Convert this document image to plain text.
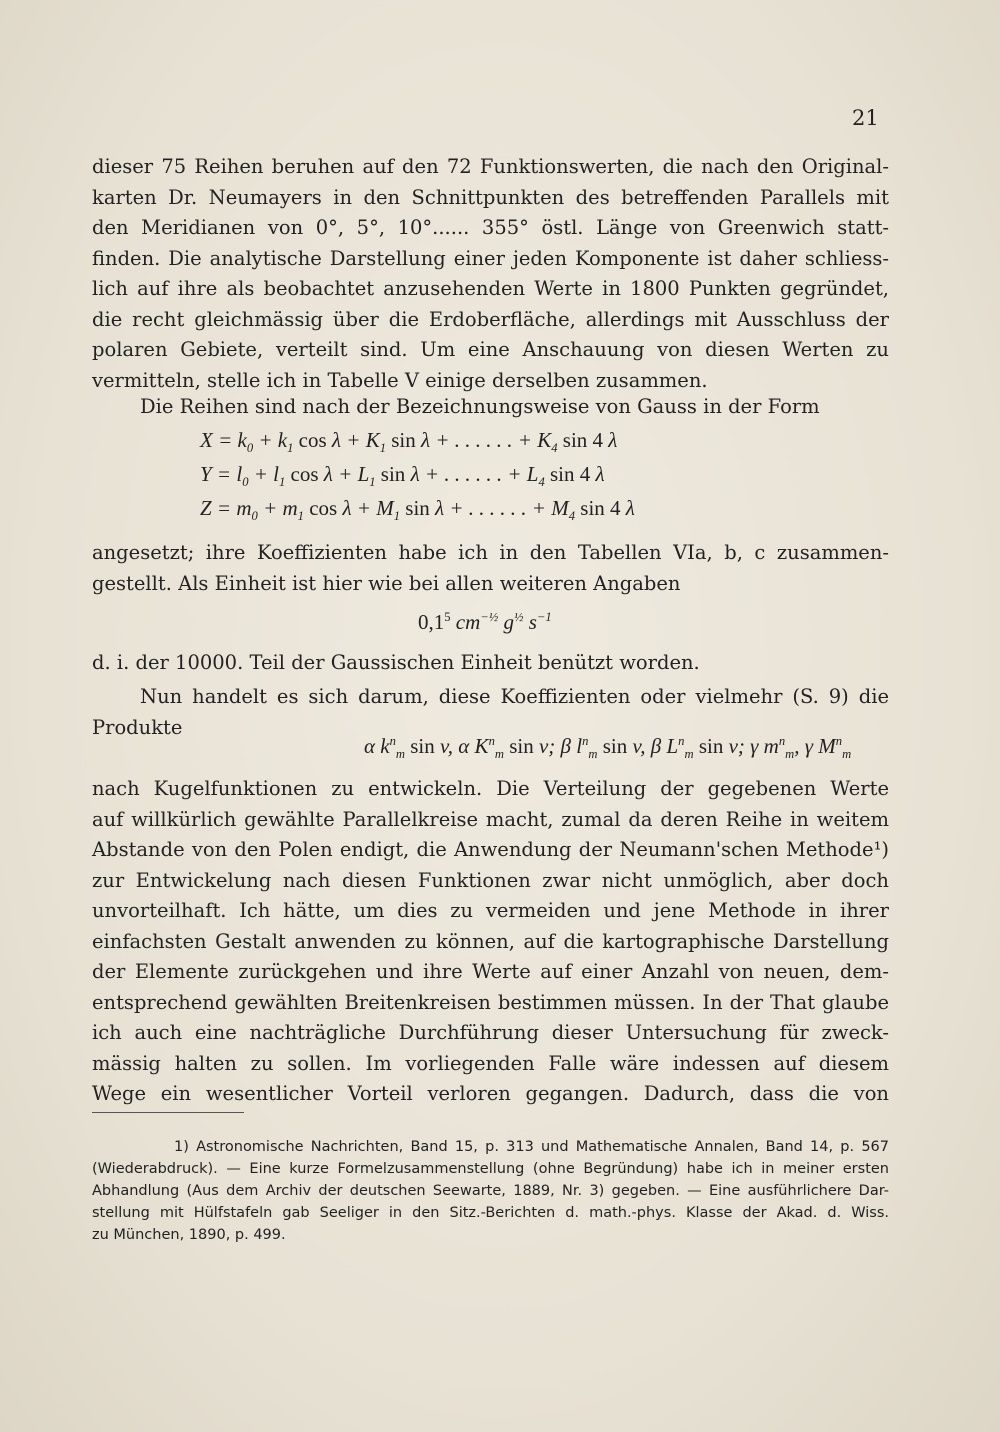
21
dieser 75 Reihen beruhen auf den 72 Funktionswerten, die nach den Original-
karten Dr. Neumayers in den Schnittpunkten des betreffenden Parallels mit
den Meridianen von 0°, 5°, 10°...... 355° östl. Länge von Greenwich statt-
finden. Die analytische Darstellung einer jeden Komponente ist daher schliess-
lich auf ihre als beobachtet anzusehenden Werte in 1800 Punkten gegründet,
die recht gleichmässig über die Erdoberfläche, allerdings mit Ausschluss der
polaren Gebiete, verteilt sind. Um eine Anschauung von diesen Werten zu
vermitteln, stelle ich in Tabelle V einige derselben zusammen.
Die Reihen sind nach der Bezeichnungsweise von Gauss in der Form
$X = k_0 + k_1$ $\cos \lambda + K_1$ sin λ + . . . . . . + $K_4$ sin 4 λ
$Y = l_0 + l_1$ $\cos \lambda + L_1$ sin λ + . . . . . . + $L_4$ sin 4 λ
$Z = m_0 + m_1$ $\cos \lambda + M_1$ sin λ + . . . . . . + $M_4$ sin 4 λ
angesetzt; ihre Koeffizienten habe ich in den Tabellen VIa, b, c zusammen-
gestellt. Als Einheit ist hier wie bei allen weiteren Angaben
$0,1^5$ $cm^{-\frac{1}{2}}$ $g^{\frac{1}{2}}$ $s^{-1}$
d. i. der 10000. Teil der Gaussischen Einheit benützt worden.
Nun handelt es sich darum, diese Koeffizienten oder vielmehr (S. 9) die
Produkte
α $k^n_m$ sin v, α $K^n_m$ sin v; β $l^n_m$ sin v, β $L^n_m$ sin v; γ $m^n_m$, γ $M^n_m$
nach Kugelfunktionen zu entwickeln. Die Verteilung der gegebenen Werte
auf willkürlich gewählte Parallelkreise macht, zumal da deren Reihe in weitem
Abstande von den Polen endigt, die Anwendung der Neumann'schen Methode¹)
zur Entwickelung nach diesen Funktionen zwar nicht unmöglich, aber doch
unvorteilhaft. Ich hätte, um dies zu vermeiden und jene Methode in ihrer
einfachsten Gestalt anwenden zu können, auf die kartographische Darstellung
der Elemente zurückgehen und ihre Werte auf einer Anzahl von neuen, dem-
entsprechend gewählten Breitenkreisen bestimmen müssen. In der That glaube
ich auch eine nachträgliche Durchführung dieser Untersuchung für zweck-
mässig halten zu sollen. Im vorliegenden Falle wäre indessen auf diesem
Wege ein wesentlicher Vorteil verloren gegangen. Dadurch, dass die von
1) Astronomische Nachrichten, Band 15, p. 313 und Mathematische Annalen, Band 14, p. 567
(Wiederabdruck). — Eine kurze Formelzusammenstellung (ohne Begründung) habe ich in meiner ersten
Abhandlung (Aus dem Archiv der deutschen Seewarte, 1889, Nr. 3) gegeben. — Eine ausführlichere Dar-
stellung mit Hülfstafeln gab Seeliger in den Sitz.-Berichten d. math.-phys. Klasse der Akad. d. Wiss.
zu München, 1890, p. 499.
